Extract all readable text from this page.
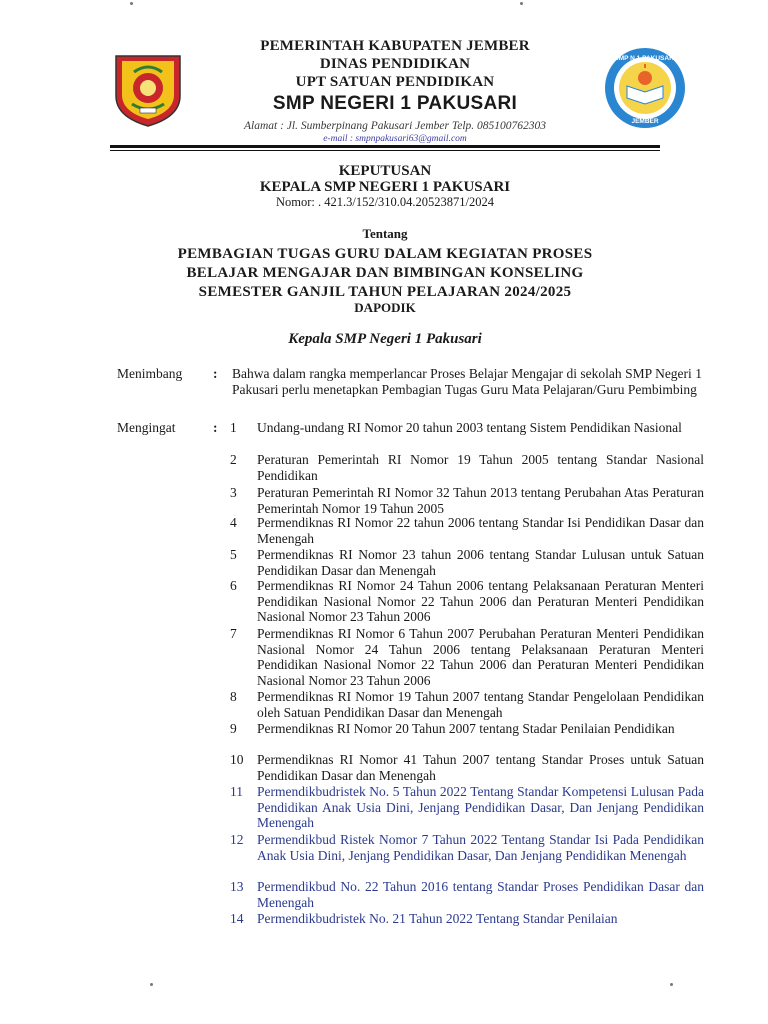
PEMERINTAH KABUPATEN JEMBER
DINAS PENDIDIKAN
UPT SATUAN PENDIDIKAN
SMP NEGERI 1 PAKUSARI
Alamat : Jl. Sumberpinang Pakusari Jember Telp. 085100762303
e-mail : smpnpakusari63@gmail.com
SMP N 1 PAKUSARI
JEMBER
KEPUTUSAN
KEPALA SMP NEGERI 1 PAKUSARI
Nomor: . 421.3/152/310.04.20523871/2024
Tentang
PEMBAGIAN TUGAS GURU DALAM KEGIATAN PROSES
BELAJAR MENGAJAR DAN BIMBINGAN KONSELING
SEMESTER GANJIL TAHUN PELAJARAN 2024/2025
DAPODIK
Kepala SMP Negeri 1 Pakusari
Menimbang : Bahwa dalam rangka memperlancar Proses Belajar Mengajar di sekolah SMP Negeri 1 Pakusari perlu menetapkan Pembagian Tugas Guru Mata Pelajaran/Guru Pembimbing
Mengingat	: 1	Undang-undang RI Nomor 20 tahun 2003 tentang Sistem Pendidikan Nasional
2	Peraturan Pemerintah RI Nomor 19 Tahun 2005 tentang Standar Nasional Pendidikan
3	Peraturan Pemerintah RI Nomor 32 Tahun 2013 tentang Perubahan Atas Peraturan Pemerintah Nomor 19 Tahun 2005
4	Permendiknas RI Nomor 22 tahun 2006 tentang Standar Isi Pendidikan Dasar dan Menengah
5	Permendiknas RI Nomor 23 tahun 2006 tentang Standar Lulusan untuk Satuan Pendidikan Dasar dan Menengah
6	Permendiknas RI Nomor 24 Tahun 2006 tentang Pelaksanaan Peraturan Menteri Pendidikan Nasional Nomor 22 Tahun 2006 dan Peraturan Menteri Pendidikan Nasional Nomor 23 Tahun 2006
7	Permendiknas RI Nomor 6 Tahun 2007 Perubahan Peraturan Menteri Pendidikan Nasional Nomor 24 Tahun 2006 tentang Pelaksanaan Peraturan Menteri Pendidikan Nasional Nomor 22 Tahun 2006 dan Peraturan Menteri Pendidikan Nasional Nomor 23 Tahun 2006
8	Permendiknas RI Nomor 19 Tahun 2007 tentang Standar Pengelolaan Pendidikan oleh Satuan Pendidikan Dasar dan Menengah
9	Permendiknas RI Nomor 20 Tahun 2007 tentang Stadar Penilaian Pendidikan
10	Permendiknas RI Nomor 41 Tahun 2007 tentang Standar Proses untuk Satuan Pendidikan Dasar dan Menengah
11	Permendikbudristek No. 5 Tahun 2022 Tentang Standar Kompetensi Lulusan Pada Pendidikan Anak Usia Dini, Jenjang Pendidikan Dasar, Dan Jenjang Pendidikan Menengah
12	Permendikbud Ristek Nomor 7 Tahun 2022 Tentang Standar Isi Pada Pendidikan Anak Usia Dini, Jenjang Pendidikan Dasar, Dan Jenjang Pendidikan Menengah
13	Permendikbud No. 22 Tahun 2016 tentang Standar Proses Pendidikan Dasar dan Menengah
14	Permendikbudristek No. 21 Tahun 2022 Tentang Standar Penilaian
